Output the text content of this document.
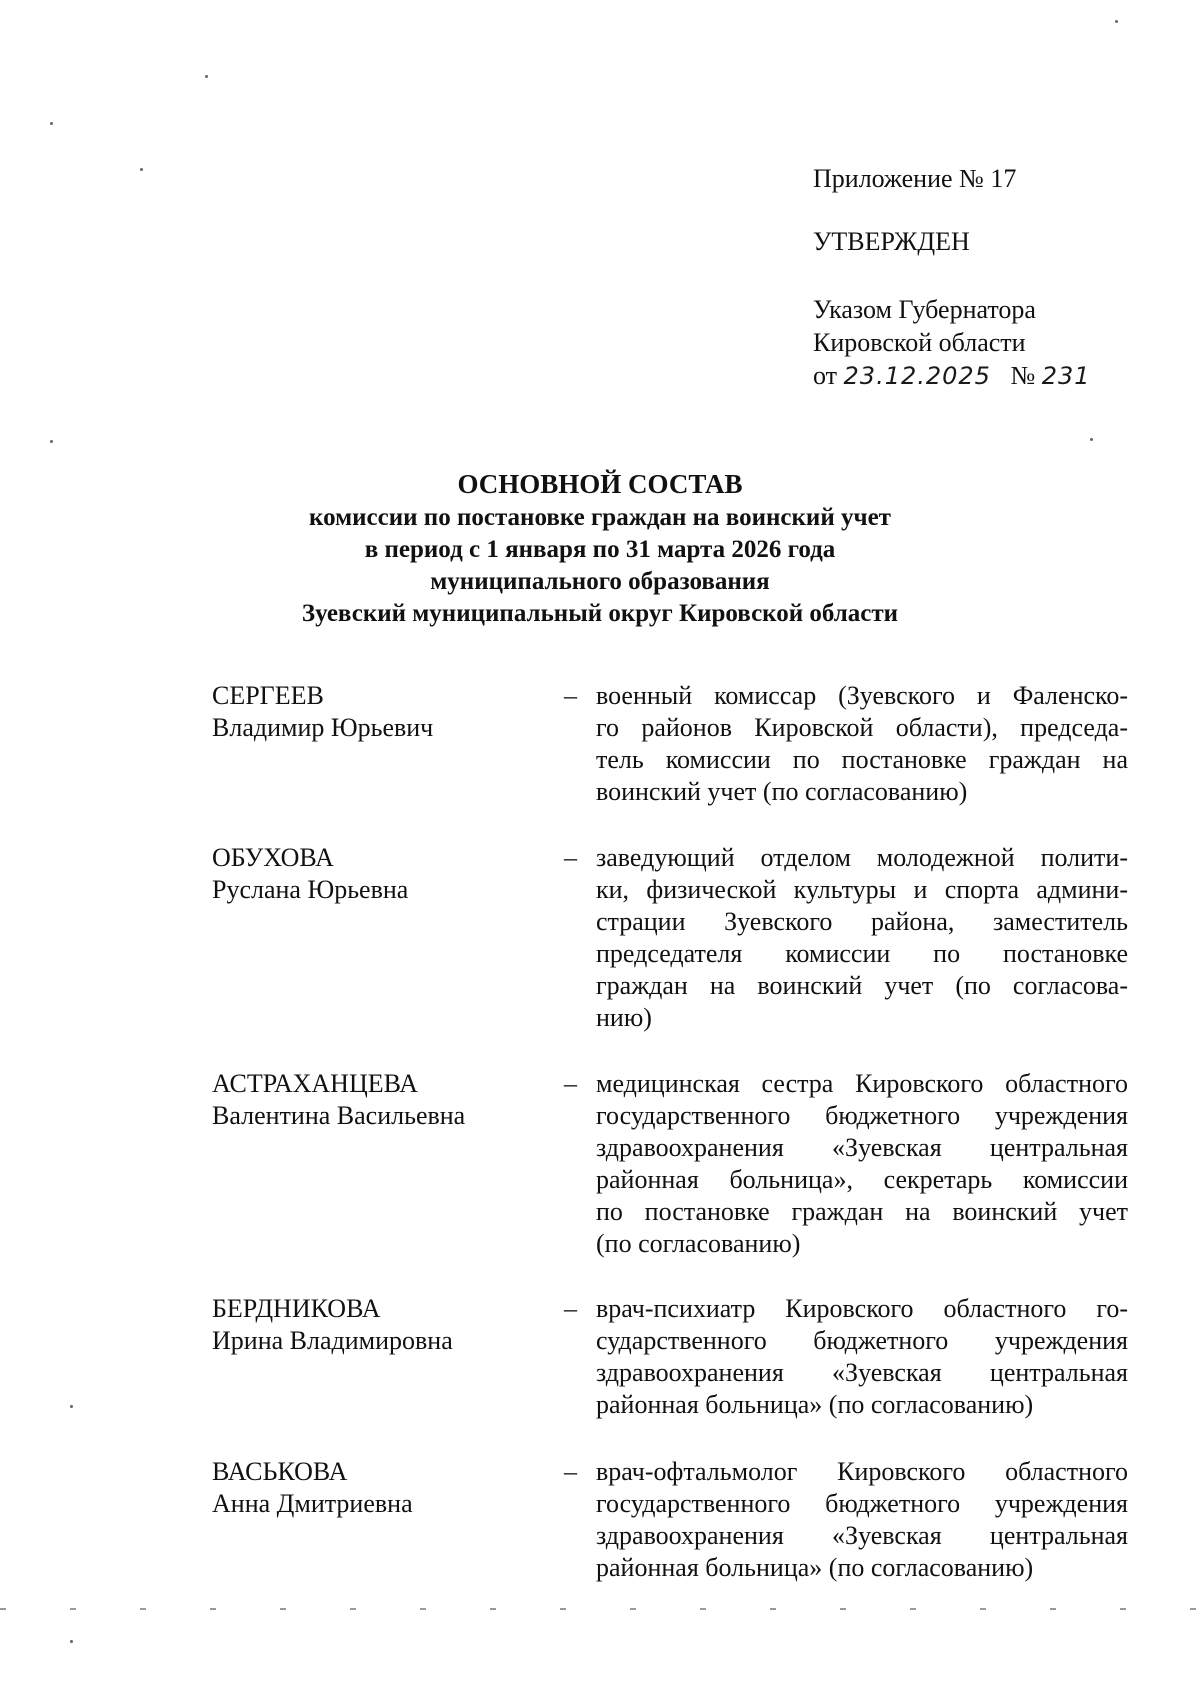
Приложение № 17
УТВЕРЖДЕН
Указом Губернатора
Кировской области
от 23.12.2025 № 231
ОСНОВНОЙ СОСТАВ
комиссии по постановке граждан на воинский учет
в период с 1 января по 31 марта 2026 года
муниципального образования
Зуевский муниципальный округ Кировской области
СЕРГЕЕВ
Владимир Юрьевич
– военный комиссар (Зуевского и Фаленско-
го районов Кировской области), председа-
тель комиссии по постановке граждан на
воинский учет (по согласованию)
ОБУХОВА
Руслана Юрьевна
– заведующий отделом молодежной полити-
ки, физической культуры и спорта админи-
страции Зуевского района, заместитель
председателя комиссии по постановке
граждан на воинский учет (по согласова-
нию)
АСТРАХАНЦЕВА
Валентина Васильевна
– медицинская сестра Кировского областного
государственного бюджетного учреждения
здравоохранения «Зуевская центральная
районная больница», секретарь комиссии
по постановке граждан на воинский учет
(по согласованию)
БЕРДНИКОВА
Ирина Владимировна
– врач-психиатр Кировского областного го-
сударственного бюджетного учреждения
здравоохранения «Зуевская центральная
районная больница» (по согласованию)
ВАСЬКОВА
Анна Дмитриевна
– врач-офтальмолог Кировского областного
государственного бюджетного учреждения
здравоохранения «Зуевская центральная
районная больница» (по согласованию)
